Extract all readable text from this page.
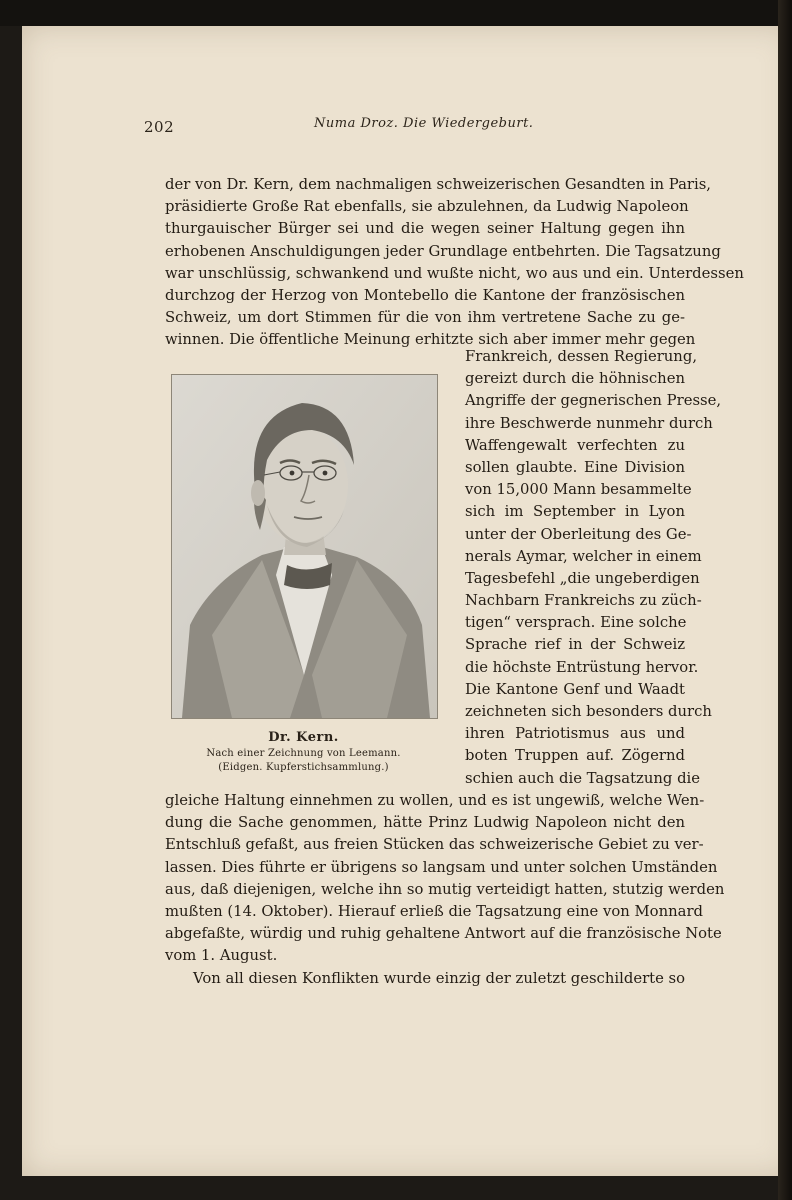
202	Numa Droz. Die Wiedergeburt.
der von Dr. Kern, dem nachmaligen schweizerischen Gesandten in Paris,
präsidierte Große Rat ebenfalls, sie abzulehnen, da Ludwig Napoleon
thurgauischer Bürger sei und die wegen seiner Haltung gegen ihn
erhobenen Anschuldigungen jeder Grundlage entbehrten. Die Tagsatzung
war unschlüssig, schwankend und wußte nicht, wo aus und ein. Unterdessen
durchzog der Herzog von Montebello die Kantone der französischen
Schweiz, um dort Stimmen für die von ihm vertretene Sache zu ge-
winnen. Die öffentliche Meinung erhitzte sich aber immer mehr gegen
Frankreich, dessen Regierung,
gereizt durch die höhnischen
Angriffe der gegnerischen Presse,
ihre Beschwerde nunmehr durch
Waffengewalt verfechten zu
sollen glaubte. Eine Division
von 15,000 Mann besammelte
sich im September in Lyon
unter der Oberleitung des Ge-
nerals Aymar, welcher in einem
Tagesbefehl „die ungeberdigen
Nachbarn Frankreichs zu züch-
tigen“ versprach. Eine solche
Sprache rief in der Schweiz
die höchste Entrüstung hervor.
Die Kantone Genf und Waadt
zeichneten sich besonders durch
ihren Patriotismus aus und
boten Truppen auf. Zögernd
schien auch die Tagsatzung die
Dr. Kern.
Nach einer Zeichnung von Leemann.
(Eidgen. Kupferstichsammlung.)
gleiche Haltung einnehmen zu wollen, und es ist ungewiß, welche Wen-
dung die Sache genommen, hätte Prinz Ludwig Napoleon nicht den
Entschluß gefaßt, aus freien Stücken das schweizerische Gebiet zu ver-
lassen. Dies führte er übrigens so langsam und unter solchen Umständen
aus, daß diejenigen, welche ihn so mutig verteidigt hatten, stutzig werden
mußten (14. Oktober). Hierauf erließ die Tagsatzung eine von Monnard
abgefaßte, würdig und ruhig gehaltene Antwort auf die französische Note
vom 1. August.
Von all diesen Konflikten wurde einzig der zuletzt geschilderte so
